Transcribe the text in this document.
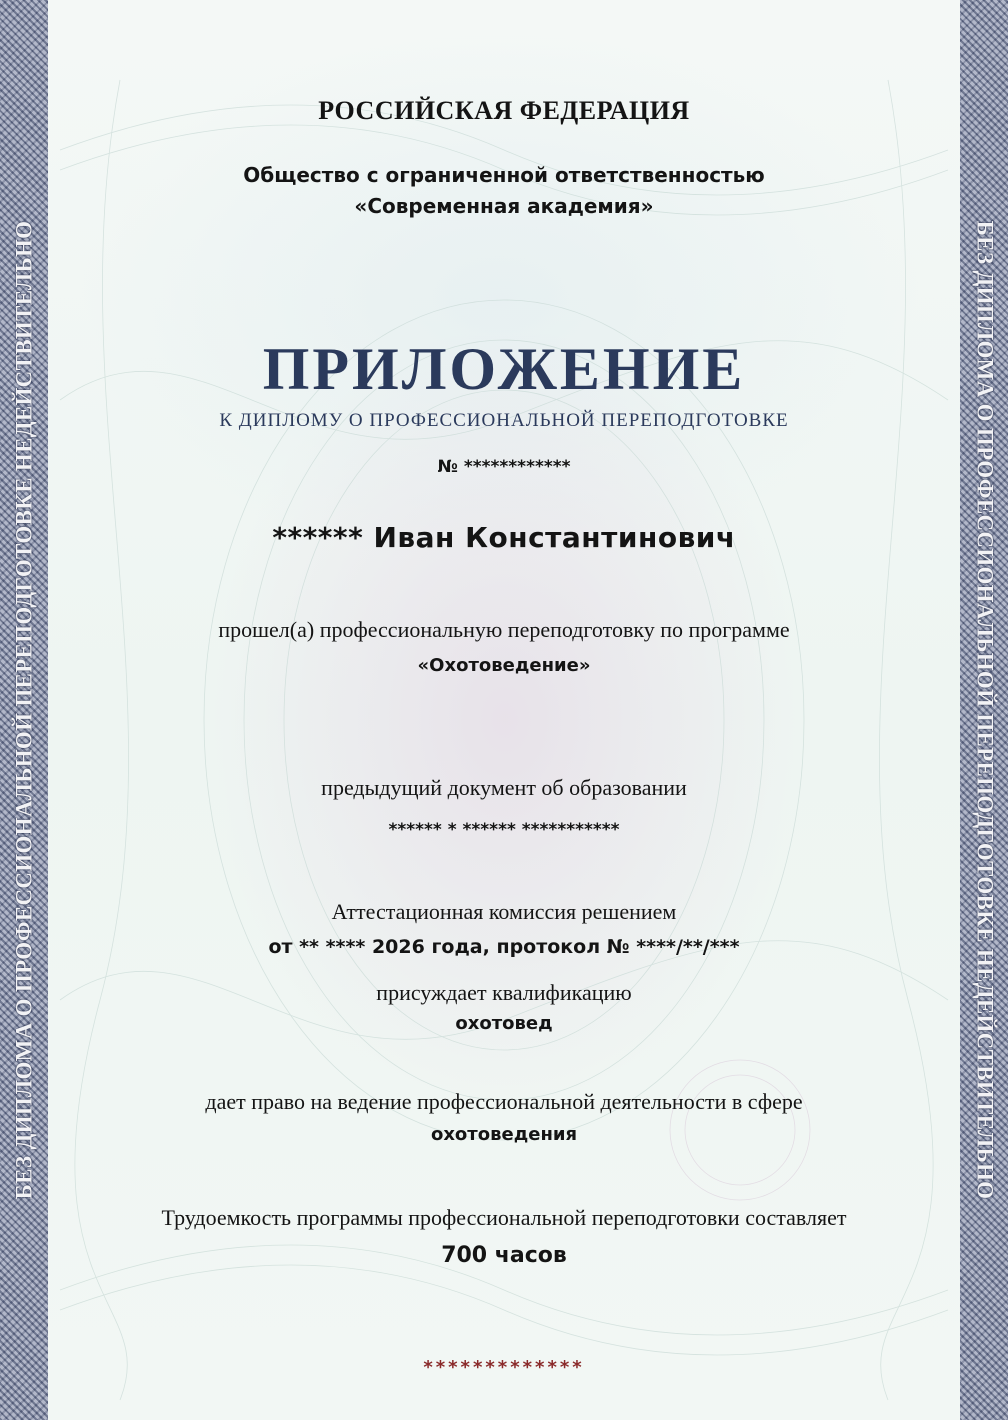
БЕЗ ДИПЛОМА О ПРОФЕССИОНАЛЬНОЙ ПЕРЕПОДГОТОВКЕ НЕДЕЙСТВИТЕЛЬНО	БЕЗ ДИПЛОМА О ПРОФЕССИОНАЛЬНОЙ ПЕРЕПОДГОТОВКЕ НЕДЕЙСТВИТЕЛЬНО
РОССИЙСКАЯ ФЕДЕРАЦИЯ
Общество с ограниченной ответственностью
«Современная академия»
ПРИЛОЖЕНИЕ
К ДИПЛОМУ О ПРОФЕССИОНАЛЬНОЙ ПЕРЕПОДГОТОВКЕ
№ ************
****** Иван Константинович
прошел(а) профессиональную переподготовку по программе
«Охотоведение»
предыдущий документ об образовании
****** * ****** ***********
Аттестационная комиссия решением
от ** **** 2026 года, протокол № ****/**/***
присуждает квалификацию
охотовед
дает право на ведение профессиональной деятельности в сфере
охотоведения
Трудоемкость программы профессиональной переподготовки составляет
700 часов
*************
